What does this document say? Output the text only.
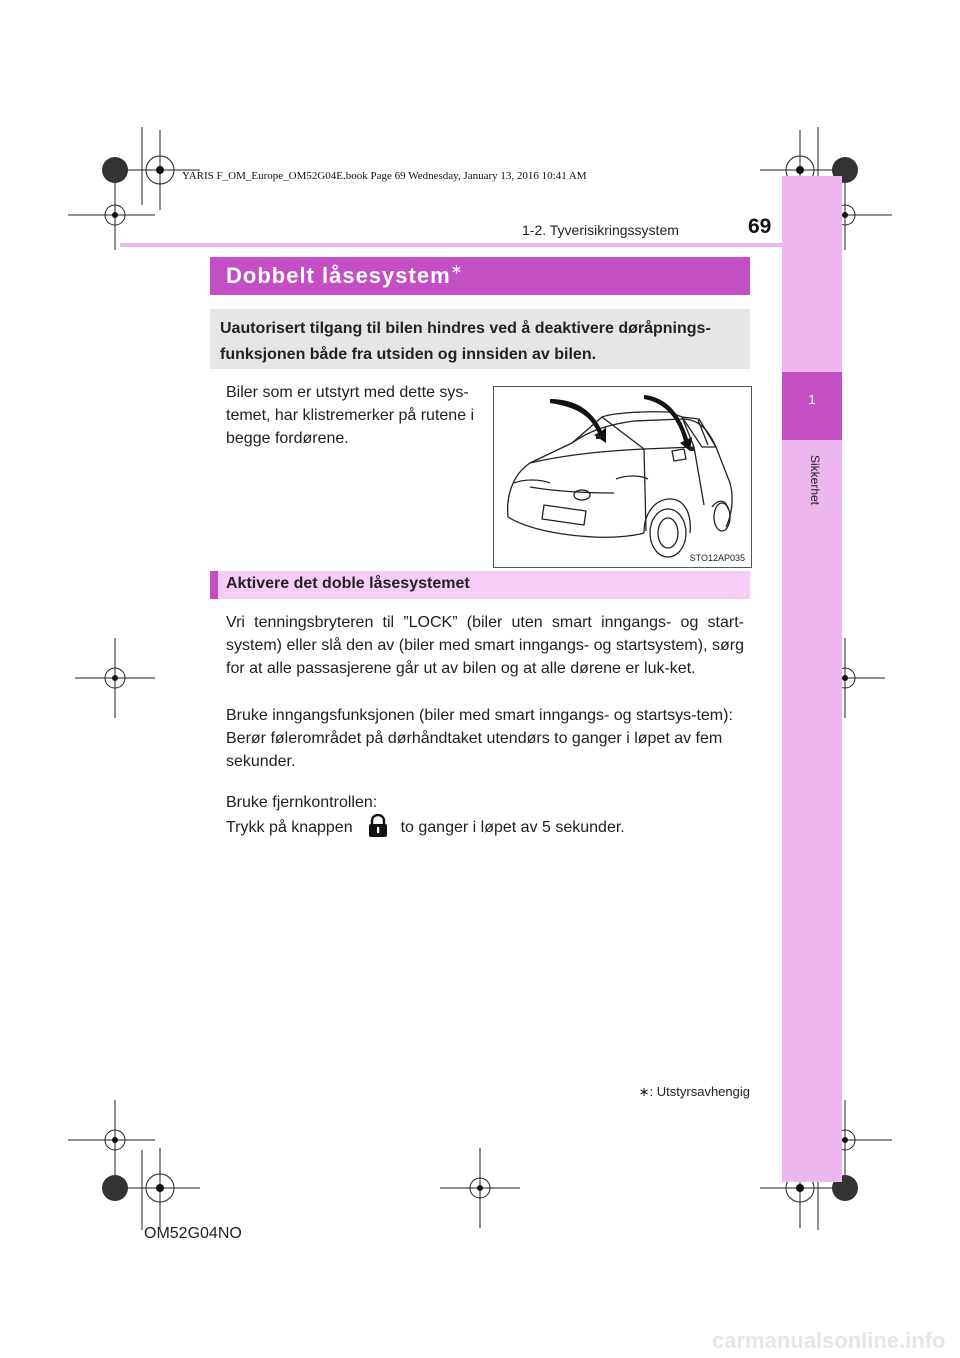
1
Sikkerhet
YARIS F_OM_Europe_OM52G04E.book Page 69 Wednesday, January 13, 2016 10:41 AM
1-2. Tyverisikringssystem	69
Dobbelt låsesystem∗
Uautorisert tilgang til bilen hindres ved å deaktivere døråpnings-funksjonen både fra utsiden og innsiden av bilen.
Biler som er utstyrt med dette sys-temet, har klistremerker på rutene i begge fordørene.
STO12AP035
Aktivere det doble låsesystemet
Vri tenningsbryteren til ”LOCK” (biler uten smart inngangs- og start-system) eller slå den av (biler med smart inngangs- og startsystem), sørg for at alle passasjerene går ut av bilen og at alle dørene er luk-ket.
Bruke inngangsfunksjonen (biler med smart inngangs- og startsys-tem):
Berør følerområdet på dørhåndtaket utendørs to ganger i løpet av fem sekunder.
Bruke fjernkontrollen:
Trykk på knappen	to ganger i løpet av 5 sekunder.
∗: Utstyrsavhengig
OM52G04NO
carmanualsonline.info
